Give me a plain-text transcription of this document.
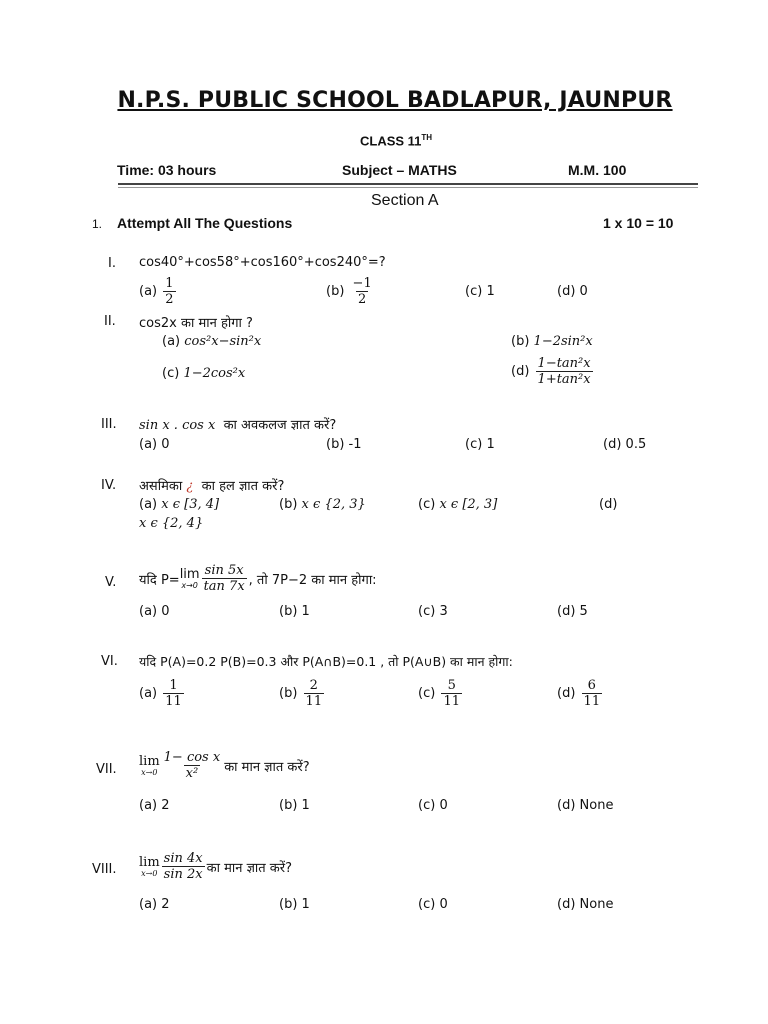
N.P.S. PUBLIC SCHOOL BADLAPUR, JAUNPUR
CLASS 11TH
Time: 03 hours	Subject – MATHS	M.M. 100
Section A
1. Attempt All The Questions	1 x 10 = 10
I. cos40°+cos58°+cos160°+cos240°=?
$(a) \frac{1}{2}$	$(b) \frac{-1}{2}$	(c) 1	(d) 0
II. cos2x का मान होगा ?
(a) cos²x−sin²x	(b) 1−2sin²x
(c) 1−2cos²x	$(d) \frac{\text{1−tan²x}}{\text{1+tan²x}}$
III. sin x . cos x का अवकलज ज्ञात करें?
(a) 0	(b) -1	(c) 1	(d) 0.5
IV. असमिका ¿ का हल ज्ञात करें?
(a) x ϵ [3, 4]	(b) x ϵ {2, 3}	(c) x ϵ [2, 3]	(d)
x ϵ {2, 4}
V. यदि P= lim
$x\to 0 \frac{\sin 5x}{\tan 7x}$ , तो 7P−2 का मान होगा:
(a) 0	(b) 1	(c) 3	(d) 5
VI. यदि P(A)=0.2 P(B)=0.3 और P(A∩B)=0.1 , तो P(A∪B) का मान होगा:
$(a) \frac{1}{11}$	$(b) \frac{2}{11}$	$(c) \frac{5}{11}$	$(d) \frac{6}{11}$
VII.
lim
$x\to 0 \frac{\text{1− cos x}}{\text{x²}}$ का मान ज्ञात करें?
(a) 2	(b) 1	(c) 0	(d) None
VIII. lim
$x\to 0 \frac{\sin 4x}{\sin 2x}$ का मान ज्ञात करें?
(a) 2	(b) 1	(c) 0	(d) None
